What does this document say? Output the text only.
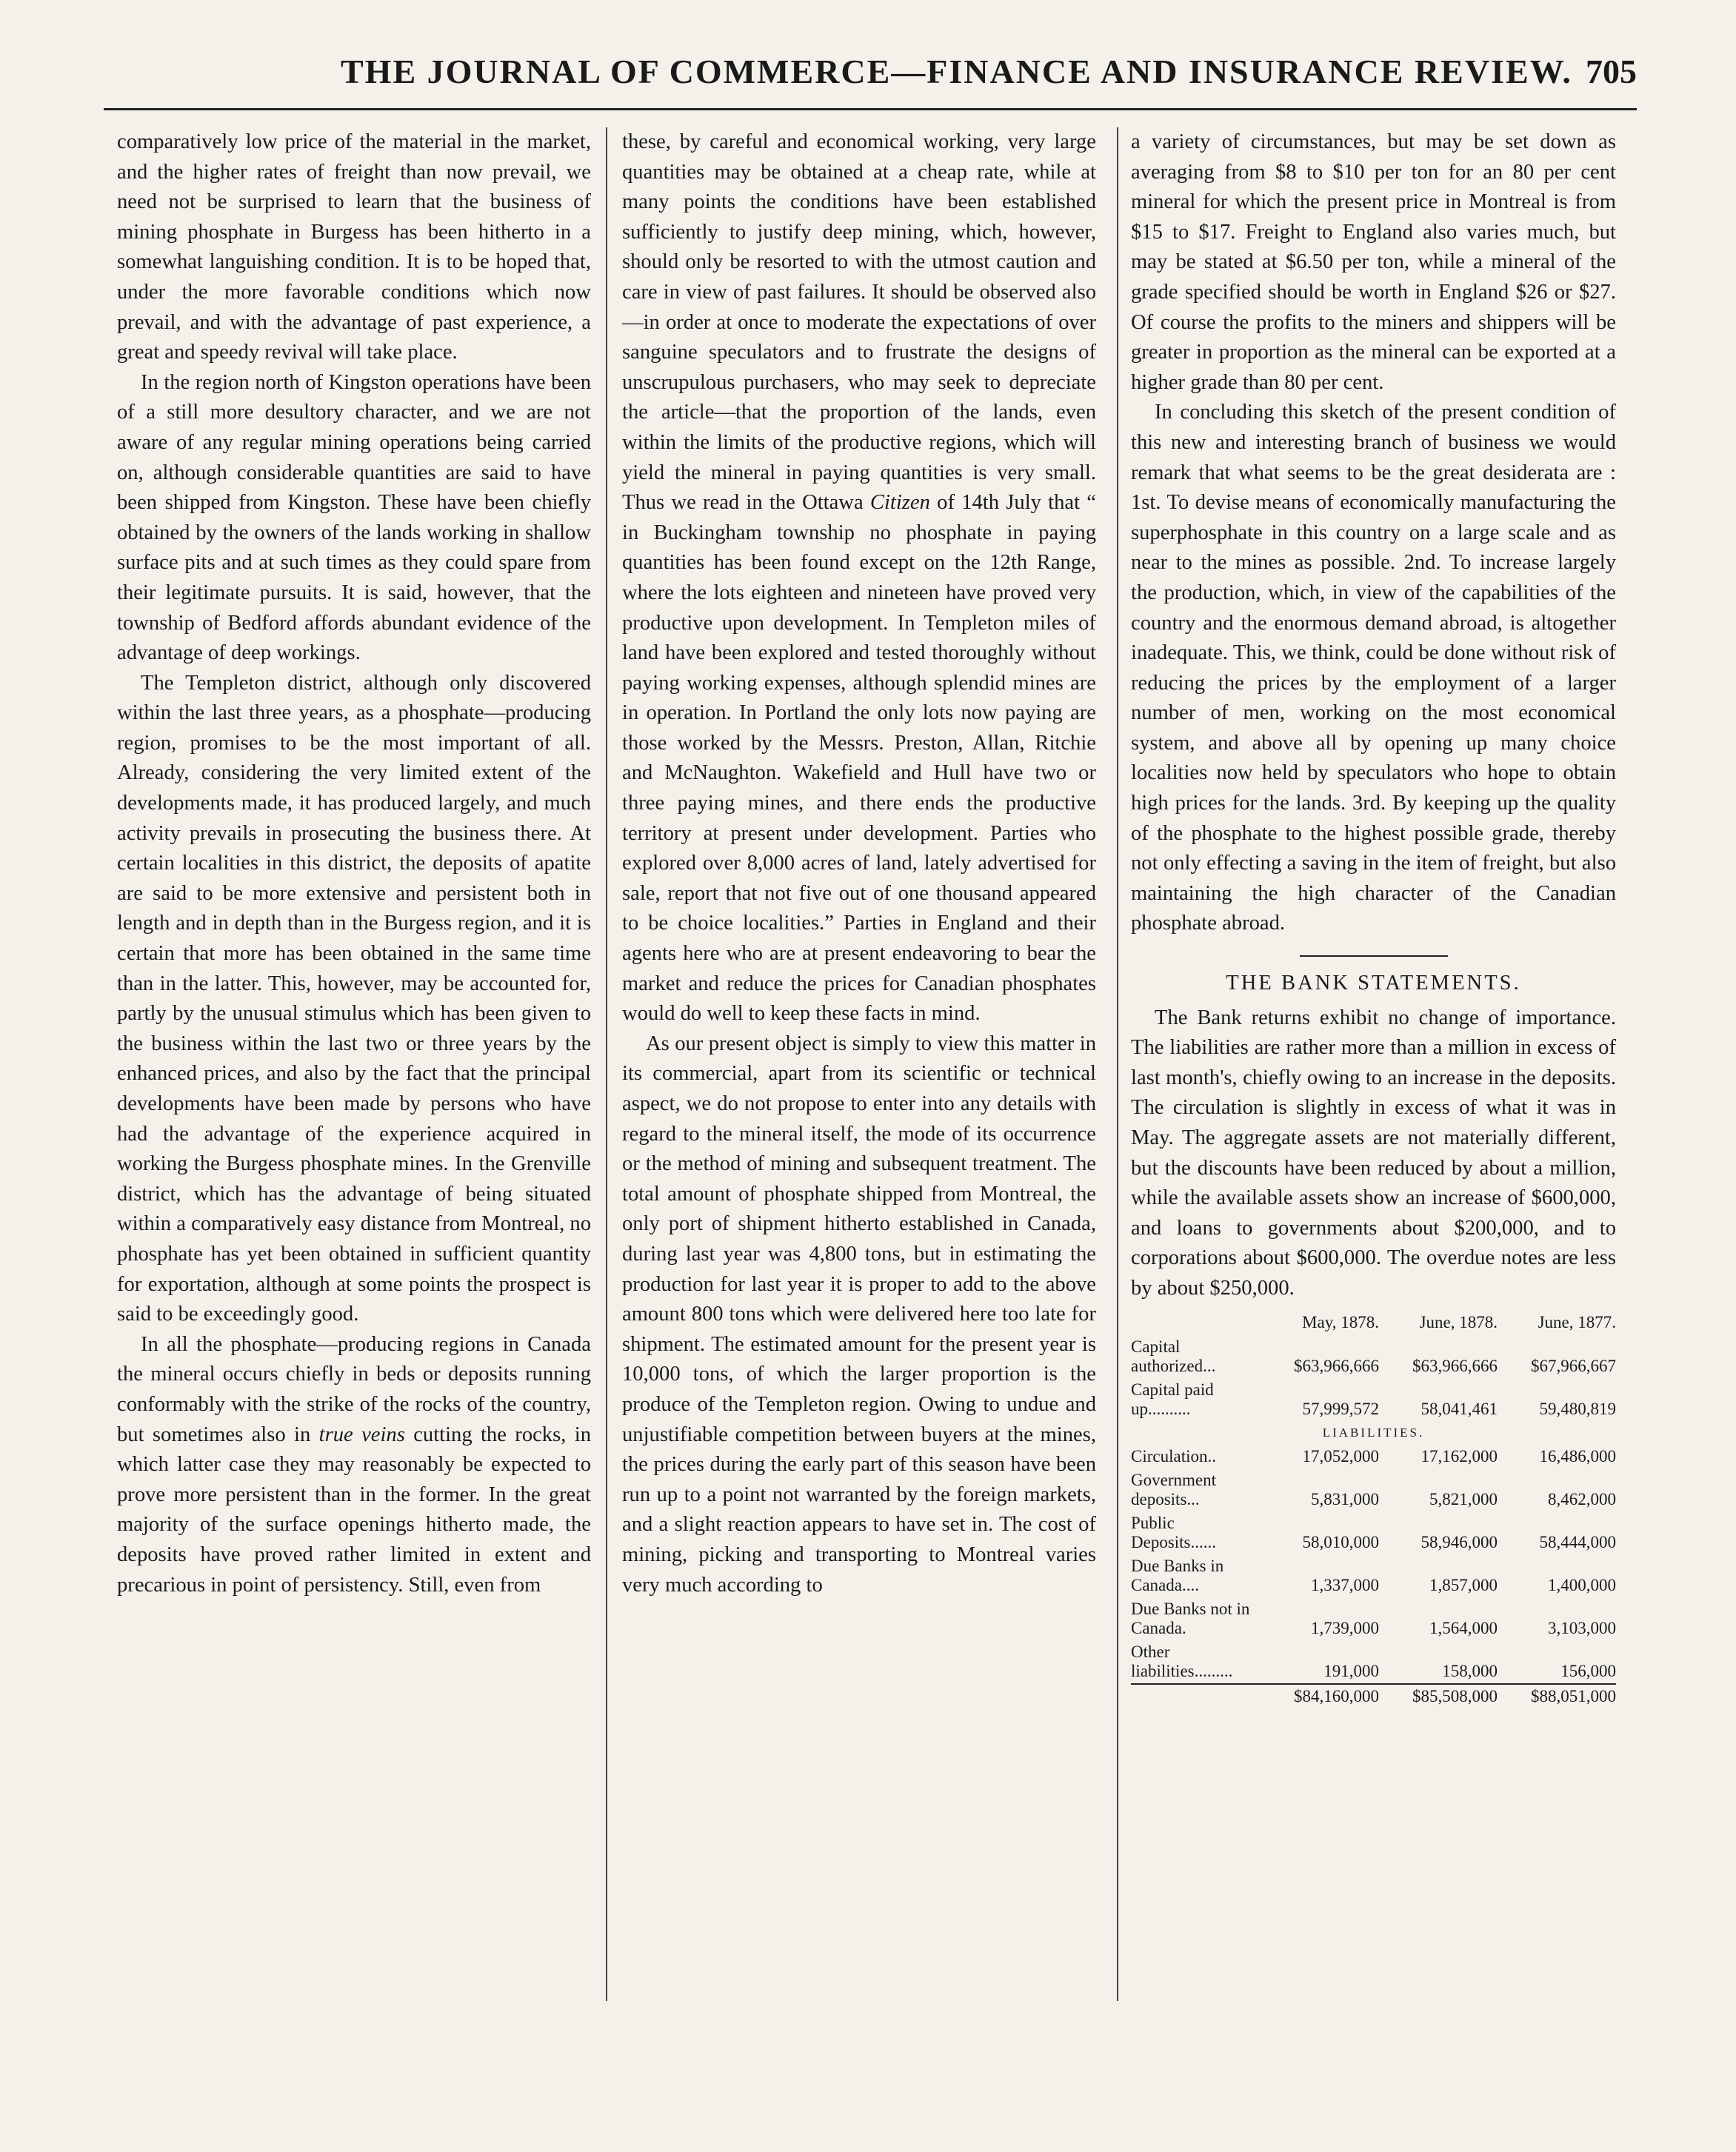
THE JOURNAL OF COMMERCE—FINANCE AND INSURANCE REVIEW. 705

comparatively low price of the material in the market, and the higher rates of freight than now prevail, we need not be surprised to learn that the business of mining phosphate in Burgess has been hitherto in a somewhat languishing condition. It is to be hoped that, under the more favorable conditions which now prevail, and with the advantage of past experience, a great and speedy revival will take place.

In the region north of Kingston operations have been of a still more desultory character, and we are not aware of any regular mining operations being carried on, although considerable quantities are said to have been shipped from Kingston. These have been chiefly obtained by the owners of the lands working in shallow surface pits and at such times as they could spare from their legitimate pursuits. It is said, however, that the township of Bedford affords abundant evidence of the advantage of deep workings.

The Templeton district, although only discovered within the last three years, as a phosphate—producing region, promises to be the most important of all. Already, considering the very limited extent of the developments made, it has produced largely, and much activity prevails in prosecuting the business there. At certain localities in this district, the deposits of apatite are said to be more extensive and persistent both in length and in depth than in the Burgess region, and it is certain that more has been obtained in the same time than in the latter. This, however, may be accounted for, partly by the unusual stimulus which has been given to the business within the last two or three years by the enhanced prices, and also by the fact that the principal developments have been made by persons who have had the advantage of the experience acquired in working the Burgess phosphate mines. In the Grenville district, which has the advantage of being situated within a comparatively easy distance from Montreal, no phosphate has yet been obtained in sufficient quantity for exportation, although at some points the prospect is said to be exceedingly good.

In all the phosphate—producing regions in Canada the mineral occurs chiefly in beds or deposits running conformably with the strike of the rocks of the country, but sometimes also in true veins cutting the rocks, in which latter case they may reasonably be expected to prove more persistent than in the former. In the great majority of the surface openings hitherto made, the deposits have proved rather limited in extent and precarious in point of persistency. Still, even from

these, by careful and economical working, very large quantities may be obtained at a cheap rate, while at many points the conditions have been established sufficiently to justify deep mining, which, however, should only be resorted to with the utmost caution and care in view of past failures. It should be observed also —in order at once to moderate the expectations of over sanguine speculators and to frustrate the designs of unscrupulous purchasers, who may seek to depreciate the article—that the proportion of the lands, even within the limits of the productive regions, which will yield the mineral in paying quantities is very small. Thus we read in the Ottawa Citizen of 14th July that “ in Buckingham township no phosphate in paying quantities has been found except on the 12th Range, where the lots eighteen and nineteen have proved very productive upon development. In Templeton miles of land have been explored and tested thoroughly without paying working expenses, although splendid mines are in operation. In Portland the only lots now paying are those worked by the Messrs. Preston, Allan, Ritchie and McNaughton. Wakefield and Hull have two or three paying mines, and there ends the productive territory at present under development. Parties who explored over 8,000 acres of land, lately advertised for sale, report that not five out of one thousand appeared to be choice localities.” Parties in England and their agents here who are at present endeavoring to bear the market and reduce the prices for Canadian phosphates would do well to keep these facts in mind.

As our present object is simply to view this matter in its commercial, apart from its scientific or technical aspect, we do not propose to enter into any details with regard to the mineral itself, the mode of its occurrence or the method of mining and subsequent treatment. The total amount of phosphate shipped from Montreal, the only port of shipment hitherto established in Canada, during last year was 4,800 tons, but in estimating the production for last year it is proper to add to the above amount 800 tons which were delivered here too late for shipment. The estimated amount for the present year is 10,000 tons, of which the larger proportion is the produce of the Templeton region. Owing to undue and unjustifiable competition between buyers at the mines, the prices during the early part of this season have been run up to a point not warranted by the foreign markets, and a slight reaction appears to have set in. The cost of mining, picking and transporting to Montreal varies very much according to

a variety of circumstances, but may be set down as averaging from $8 to $10 per ton for an 80 per cent mineral for which the present price in Montreal is from $15 to $17. Freight to England also varies much, but may be stated at $6.50 per ton, while a mineral of the grade specified should be worth in England $26 or $27. Of course the profits to the miners and shippers will be greater in proportion as the mineral can be exported at a higher grade than 80 per cent.

In concluding this sketch of the present condition of this new and interesting branch of business we would remark that what seems to be the great desiderata are : 1st. To devise means of economically manufacturing the superphosphate in this country on a large scale and as near to the mines as possible. 2nd. To increase largely the production, which, in view of the capabilities of the country and the enormous demand abroad, is altogether inadequate. This, we think, could be done without risk of reducing the prices by the employment of a larger number of men, working on the most economical system, and above all by opening up many choice localities now held by speculators who hope to obtain high prices for the lands. 3rd. By keeping up the quality of the phosphate to the highest possible grade, thereby not only effecting a saving in the item of freight, but also maintaining the high character of the Canadian phosphate abroad.

THE BANK STATEMENTS.

The Bank returns exhibit no change of importance. The liabilities are rather more than a million in excess of last month's, chiefly owing to an increase in the deposits. The circulation is slightly in excess of what it was in May. The aggregate assets are not materially different, but the discounts have been reduced by about a million, while the available assets show an increase of $600,000, and loans to governments about $200,000, and to corporations about $600,000. The overdue notes are less by about $250,000.

	May, 1878.	June, 1878.	June, 1877.
Capital authorized...	$63,966,666	$63,966,666	$67,966,667
Capital paid up..........	57,999,572	58,041,461	59,480,819
LIABILITIES.			
Circulation..	17,052,000	17,162,000	16,486,000
Government deposits...	5,831,000	5,821,000	8,462,000
Public Deposits......	58,010,000	58,946,000	58,444,000
Due Banks in Canada....	1,337,000	1,857,000	1,400,000
Due Banks not in Canada.	1,739,000	1,564,000	3,103,000
Other liabilities.........	191,000	158,000	156,000
	$84,160,000	$85,508,000	$88,051,000
